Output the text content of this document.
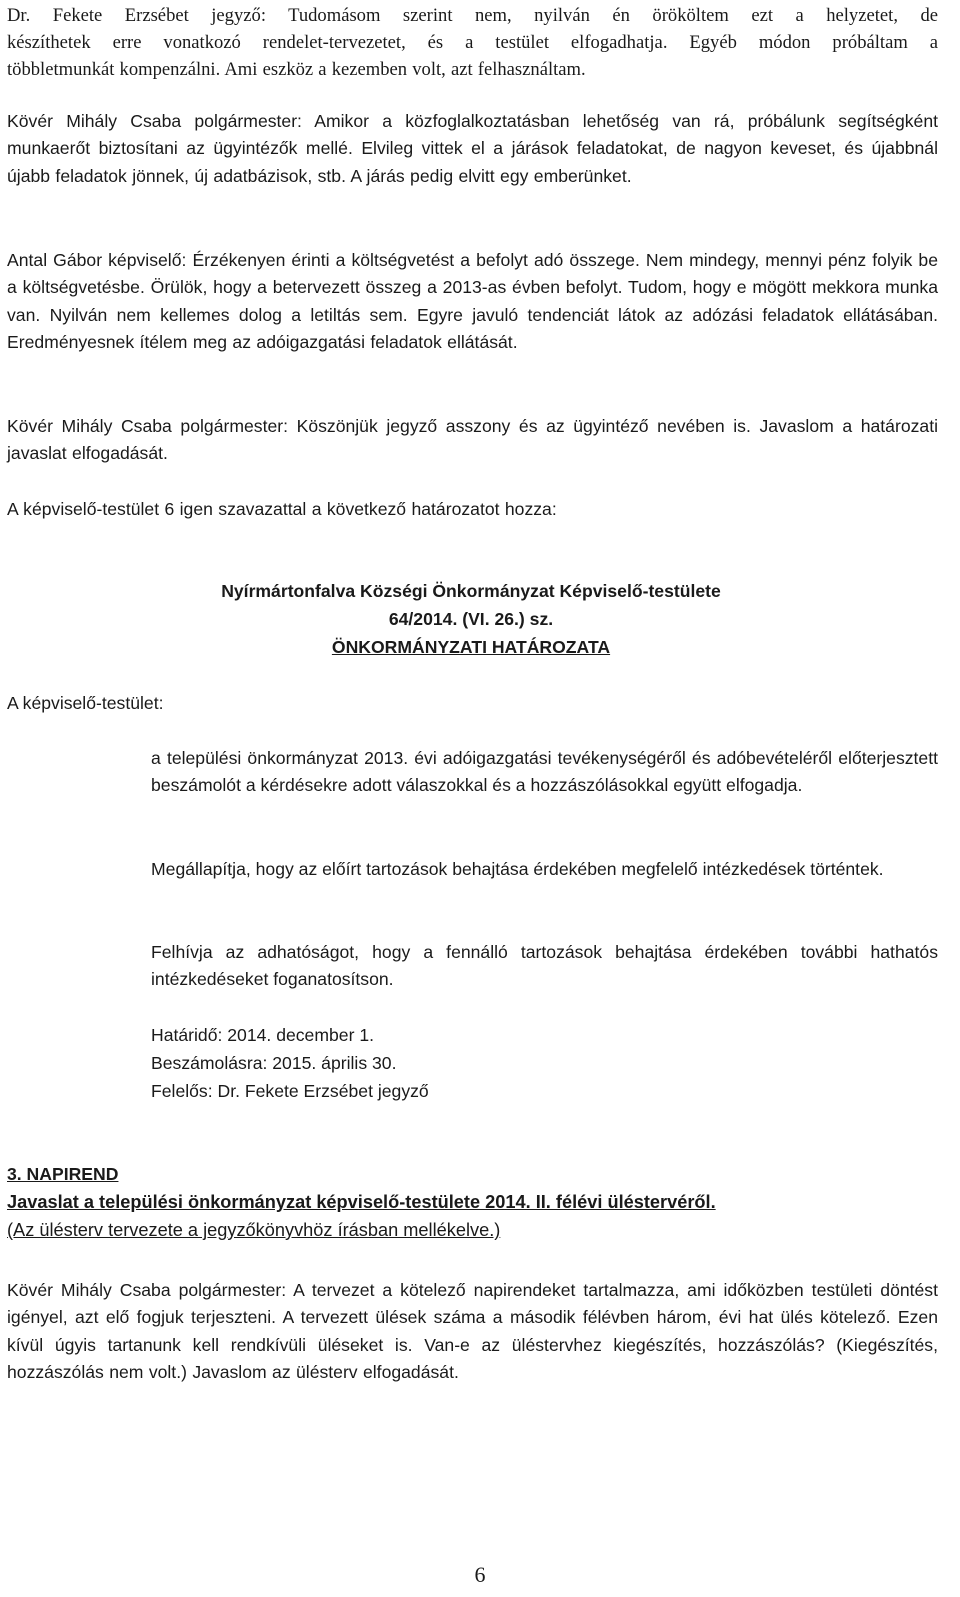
Dr. Fekete Erzsébet jegyző: Tudomásom szerint nem, nyilván én örököltem ezt a helyzetet, de

készíthetek erre vonatkozó rendelet-tervezetet, és a testület elfogadhatja. Egyéb módon próbáltam a

többletmunkát kompenzálni. Ami eszköz a kezemben volt, azt felhasználtam.

Kövér Mihály Csaba polgármester: Amikor a közfoglalkoztatásban lehetőség van rá, próbálunk segítségként munkaerőt biztosítani az ügyintézők mellé. Elvileg vittek el a járások feladatokat, de nagyon keveset, és újabbnál újabb feladatok jönnek, új adatbázisok, stb. A járás pedig elvitt egy emberünket.

Antal Gábor képviselő: Érzékenyen érinti a költségvetést a befolyt adó összege. Nem mindegy, mennyi pénz folyik be a költségvetésbe. Örülök, hogy a betervezett összeg a 2013-as évben befolyt. Tudom, hogy e mögött mekkora munka van. Nyilván nem kellemes dolog a letiltás sem. Egyre javuló tendenciát látok az adózási feladatok ellátásában. Eredményesnek ítélem meg az adóigazgatási feladatok ellátását.

Kövér Mihály Csaba polgármester: Köszönjük jegyző asszony és az ügyintéző nevében is. Javaslom a határozati javaslat elfogadását.

A képviselő-testület 6 igen szavazattal a következő határozatot hozza:

Nyírmártonfalva Községi Önkormányzat Képviselő-testülete

64/2014. (VI. 26.) sz.

ÖNKORMÁNYZATI HATÁROZATA

A képviselő-testület:

a települési önkormányzat 2013. évi adóigazgatási tevékenységéről és adóbevételéről előterjesztett beszámolót a kérdésekre adott válaszokkal és a hozzászólásokkal együtt elfogadja.

Megállapítja, hogy az előírt tartozások behajtása érdekében megfelelő intézkedések történtek.

Felhívja az adhatóságot, hogy a fennálló tartozások behajtása érdekében további hathatós intézkedéseket foganatosítson.

Határidő: 2014. december 1.

Beszámolásra: 2015. április 30.

Felelős: Dr. Fekete Erzsébet jegyző

3. NAPIREND

Javaslat a települési önkormányzat képviselő-testülete 2014. II. félévi üléstervéről.

(Az ülésterv tervezete a jegyzőkönyvhöz írásban mellékelve.)

Kövér Mihály Csaba polgármester: A tervezet a kötelező napirendeket tartalmazza, ami időközben testületi döntést igényel, azt elő fogjuk terjeszteni. A tervezett ülések száma a második félévben három, évi hat ülés kötelező. Ezen kívül úgyis tartanunk kell rendkívüli üléseket is. Van-e az üléstervhez kiegészítés, hozzászólás? (Kiegészítés, hozzászólás nem volt.) Javaslom az ülésterv elfogadását.

6
